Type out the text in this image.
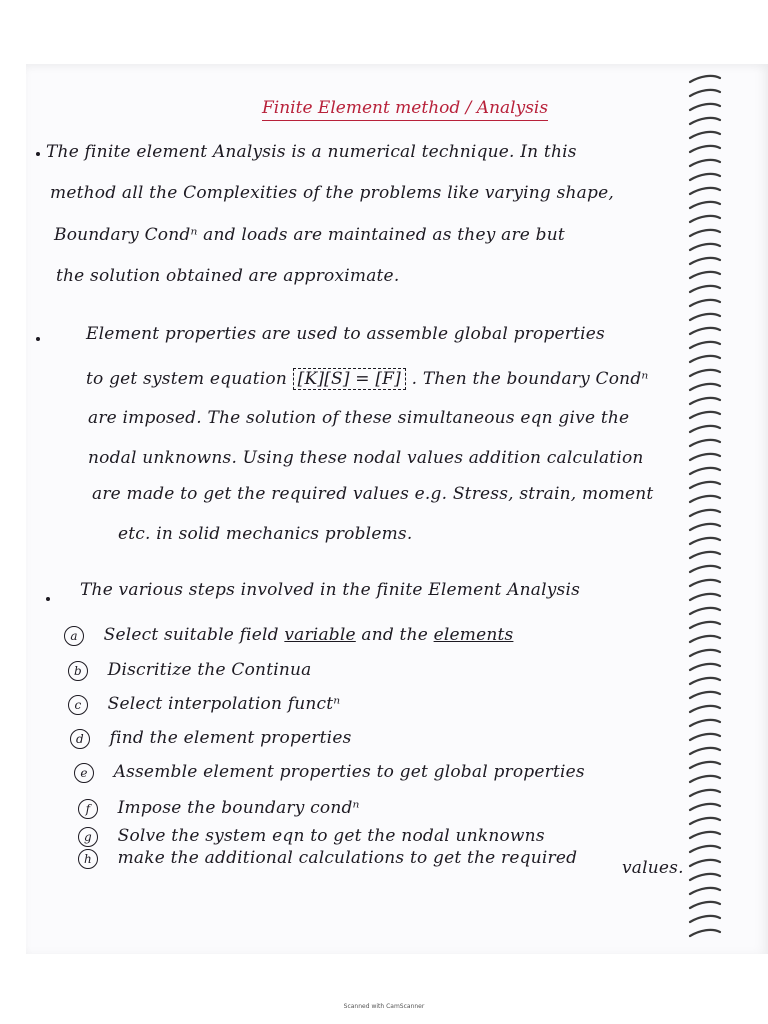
Finite Element method / Analysis
The finite element Analysis is a numerical technique. In this
method all the Complexities of the problems like varying shape,
Boundary Condⁿ and loads are maintained as they are but
the solution obtained are approximate.
Element properties are used to assemble global properties
to get system equation [K][S] = [F] . Then the boundary Condⁿ
are imposed. The solution of these simultaneous eqn give the
nodal unknowns. Using these nodal values addition calculation
are made to get the required values e.g. Stress, strain, moment
etc. in solid mechanics problems.
The various steps involved in the finite Element Analysis
a Select suitable field variable and the elements
b Discritize the Continua
c Select interpolation functⁿ
d find the element properties
e Assemble element properties to get global properties
f Impose the boundary condⁿ
g Solve the system eqn to get the nodal unknowns
h make the additional calculations to get the required	values.
Scanned with CamScanner
